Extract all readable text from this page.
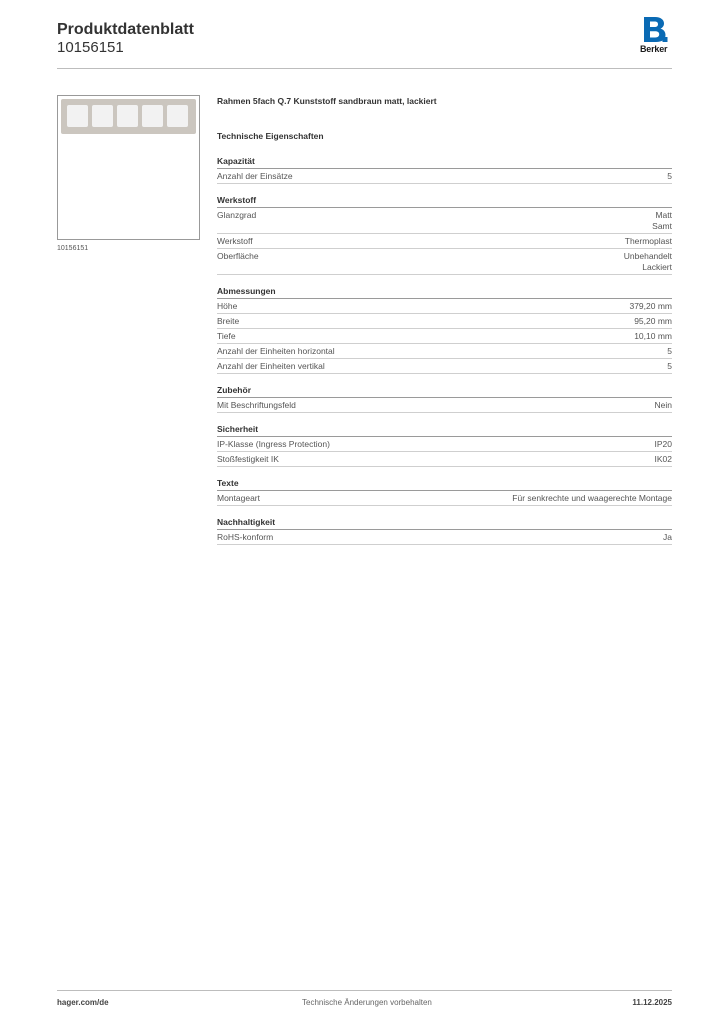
Produktdatenblatt
10156151	Berker
10156151
Rahmen 5fach Q.7 Kunststoff sandbraun matt, lackiert
Technische Eigenschaften
Kapazität
Anzahl der Einsätze	5
Werkstoff
Glanzgrad	Matt
Samt
Werkstoff	Thermoplast
Oberfläche	Unbehandelt
Lackiert
Abmessungen
Höhe	379,20 mm
Breite	95,20 mm
Tiefe	10,10 mm
Anzahl der Einheiten horizontal	5
Anzahl der Einheiten vertikal	5
Zubehör
Mit Beschriftungsfeld	Nein
Sicherheit
IP-Klasse (Ingress Protection)	IP20
Stoßfestigkeit IK	IK02
Texte
Montageart	Für senkrechte und waagerechte Montage
Nachhaltigkeit
RoHS-konform	Ja
hager.com/de	Technische Änderungen vorbehalten	11.12.2025
